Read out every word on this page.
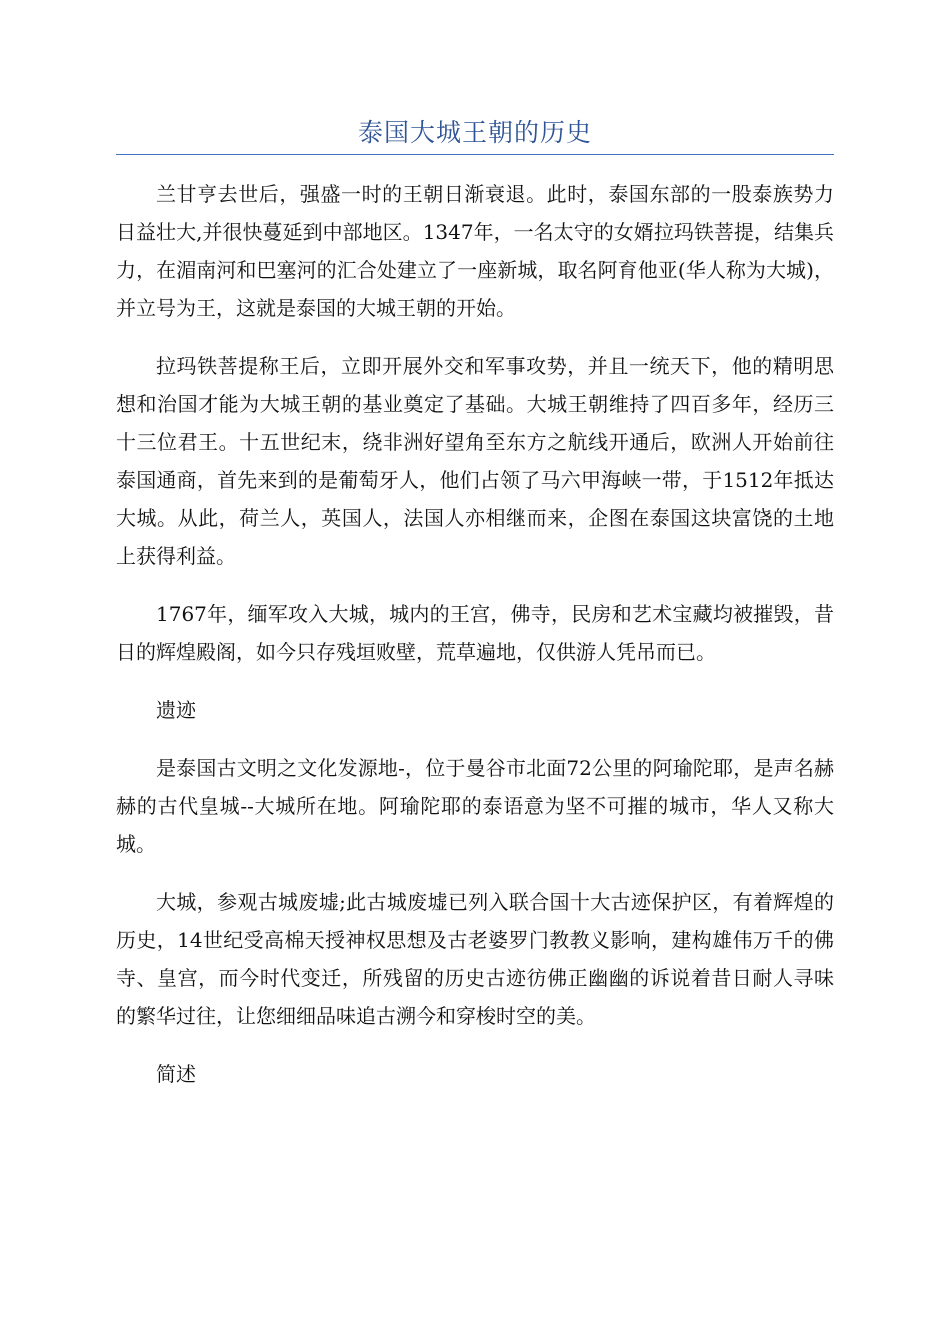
泰国大城王朝的历史

兰甘亨去世后，强盛一时的王朝日渐衰退。此时，泰国东部的一股泰族势力日益壮大,并很快蔓延到中部地区。1347年，一名太守的女婿拉玛铁菩提，结集兵力，在湄南河和巴塞河的汇合处建立了一座新城，取名阿育他亚(华人称为大城)，并立号为王，这就是泰国的大城王朝的开始。

拉玛铁菩提称王后，立即开展外交和军事攻势，并且一统天下，他的精明思想和治国才能为大城王朝的基业奠定了基础。大城王朝维持了四百多年，经历三十三位君王。十五世纪末，绕非洲好望角至东方之航线开通后，欧洲人开始前往泰国通商，首先来到的是葡萄牙人，他们占领了马六甲海峡一带，于1512年抵达大城。从此，荷兰人，英国人，法国人亦相继而来，企图在泰国这块富饶的土地上获得利益。

1767年，缅军攻入大城，城内的王宫，佛寺，民房和艺术宝藏均被摧毁，昔日的辉煌殿阁，如今只存残垣败壁，荒草遍地，仅供游人凭吊而已。

遗迹

是泰国古文明之文化发源地-，位于曼谷市北面72公里的阿瑜陀耶，是声名赫赫的古代皇城--大城所在地。阿瑜陀耶的泰语意为坚不可摧的城市，华人又称大城。

大城，参观古城废墟;此古城废墟已列入联合国十大古迹保护区，有着辉煌的历史，14世纪受高棉天授神权思想及古老婆罗门教教义影响，建构雄伟万千的佛寺、皇宫，而今时代变迁，所残留的历史古迹彷佛正幽幽的诉说着昔日耐人寻味的繁华过往，让您细细品味追古溯今和穿梭时空的美。

简述
